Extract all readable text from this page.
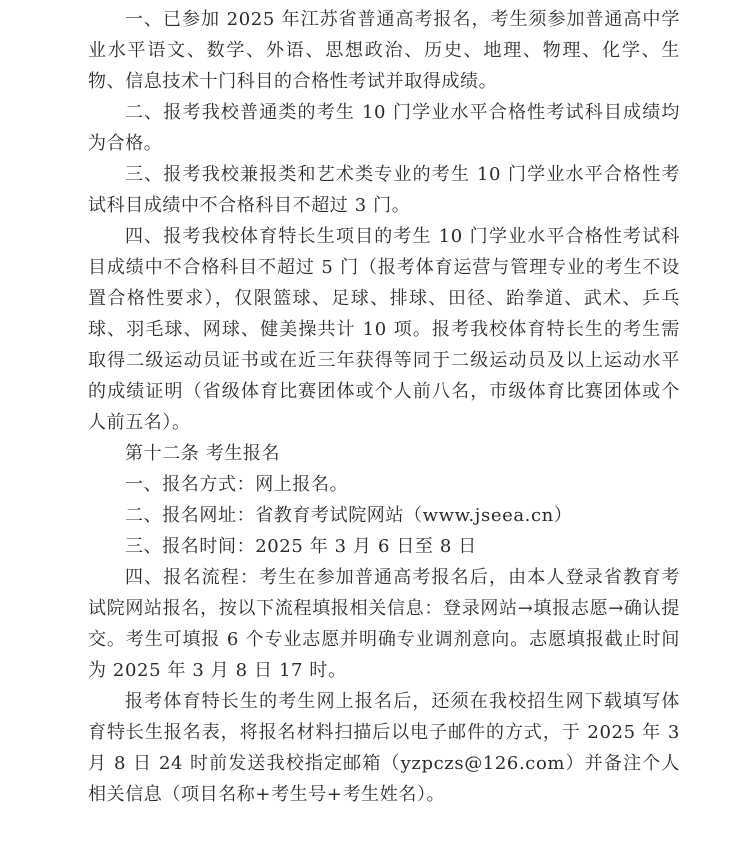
一、已参加 2025 年江苏省普通高考报名，考生须参加普通高中学业水平语文、数学、外语、思想政治、历史、地理、物理、化学、生物、信息技术十门科目的合格性考试并取得成绩。

二、报考我校普通类的考生 10 门学业水平合格性考试科目成绩均为合格。

三、报考我校兼报类和艺术类专业的考生 10 门学业水平合格性考试科目成绩中不合格科目不超过 3 门。

四、报考我校体育特长生项目的考生 10 门学业水平合格性考试科目成绩中不合格科目不超过 5 门（报考体育运营与管理专业的考生不设置合格性要求），仅限篮球、足球、排球、田径、跆拳道、武术、乒乓球、羽毛球、网球、健美操共计 10 项。报考我校体育特长生的考生需取得二级运动员证书或在近三年获得等同于二级运动员及以上运动水平的成绩证明（省级体育比赛团体或个人前八名，市级体育比赛团体或个人前五名）。

第十二条 考生报名

一、报名方式：网上报名。

二、报名网址：省教育考试院网站（www.jseea.cn）

三、报名时间：2025 年 3 月 6 日至 8 日

四、报名流程：考生在参加普通高考报名后，由本人登录省教育考试院网站报名，按以下流程填报相关信息：登录网站→填报志愿→确认提交。考生可填报 6 个专业志愿并明确专业调剂意向。志愿填报截止时间为 2025 年 3 月 8 日 17 时。

报考体育特长生的考生网上报名后，还须在我校招生网下载填写体育特长生报名表，将报名材料扫描后以电子邮件的方式，于 2025 年 3 月 8 日 24 时前发送我校指定邮箱（yzpczs@126.com）并备注个人相关信息（项目名称+考生号+考生姓名）。
